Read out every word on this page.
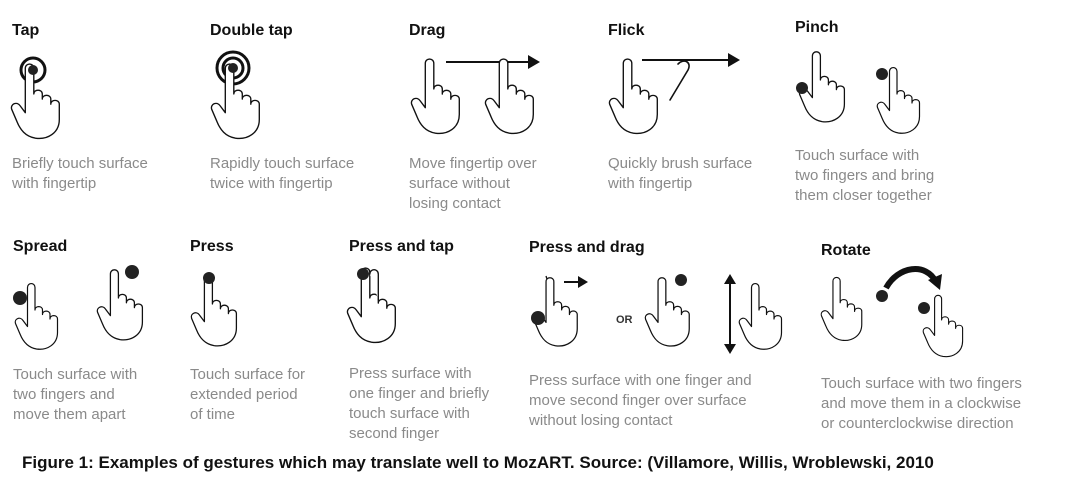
Tap
Briefly touch surface
with fingertip
Double tap
Rapidly touch surface
twice with fingertip
Drag
Move fingertip over
surface without
losing contact
Flick
Quickly brush surface
with fingertip
Pinch
Touch surface with
two fingers and bring
them closer together
Spread
Touch surface with
two fingers and
move them apart
Press
Touch surface for
extended period
of time
Press and tap
Press surface with
one finger and briefly
touch surface with
second finger
Press and drag
OR
Press surface with one finger and
move second finger over surface
without losing contact
Rotate
Touch surface with two fingers
and move them in a clockwise
or counterclockwise direction
Figure 1: Examples of gestures which may translate well to MozART. Source: (Villamore, Willis, Wroblewski, 2010
